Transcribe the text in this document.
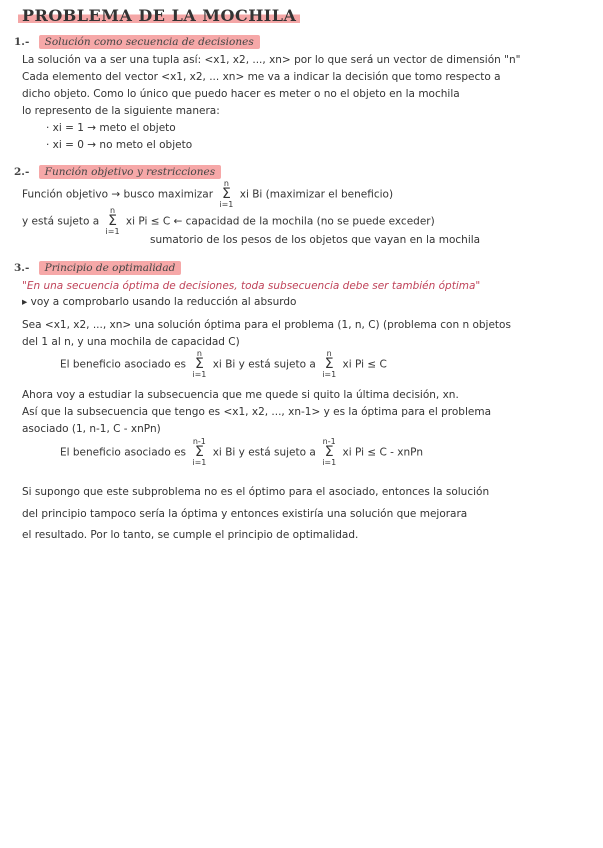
PROBLEMA DE LA MOCHILA
1.- Solución como secuencia de decisiones
La solución va a ser una tupla así: <x1, x2, ..., xn> por lo que será un vector de dimensión "n"
Cada elemento del vector <x1, x2, ... xn> me va a indicar la decisión que tomo respecto a
dicho objeto. Como lo único que puedo hacer es meter o no el objeto en la mochila
lo represento de la siguiente manera:
· xi = 1 → meto el objeto
· xi = 0 → no meto el objeto
2.- Función objetivo y restricciones
Función objetivo → busco maximizar n
Σ
i=1 xi Bi (maximizar el beneficio)
y está sujeto a n
Σ
i=1 xi Pi ≤ C ← capacidad de la mochila (no se puede exceder)
sumatorio de los pesos de los objetos que vayan en la mochila
3.- Principio de optimalidad
"En una secuencia óptima de decisiones, toda subsecuencia debe ser también óptima"
▸ voy a comprobarlo usando la reducción al absurdo
Sea <x1, x2, ..., xn> una solución óptima para el problema (1, n, C) (problema con n objetos
del 1 al n, y una mochila de capacidad C)
El beneficio asociado es n
Σ
i=1 xi Bi y está sujeto a n
Σ
i=1 xi Pi ≤ C
Ahora voy a estudiar la subsecuencia que me quede si quito la última decisión, xn.
Así que la subsecuencia que tengo es <x1, x2, ..., xn-1> y es la óptima para el problema
asociado (1, n-1, C - xnPn)
El beneficio asociado es n-1
Σ
i=1 xi Bi y está sujeto a n-1
Σ
i=1 xi Pi ≤ C - xnPn
Si supongo que este subproblema no es el óptimo para el asociado, entonces la solución
del principio tampoco sería la óptima y entonces existiría una solución que mejorara
el resultado. Por lo tanto, se cumple el principio de optimalidad.
